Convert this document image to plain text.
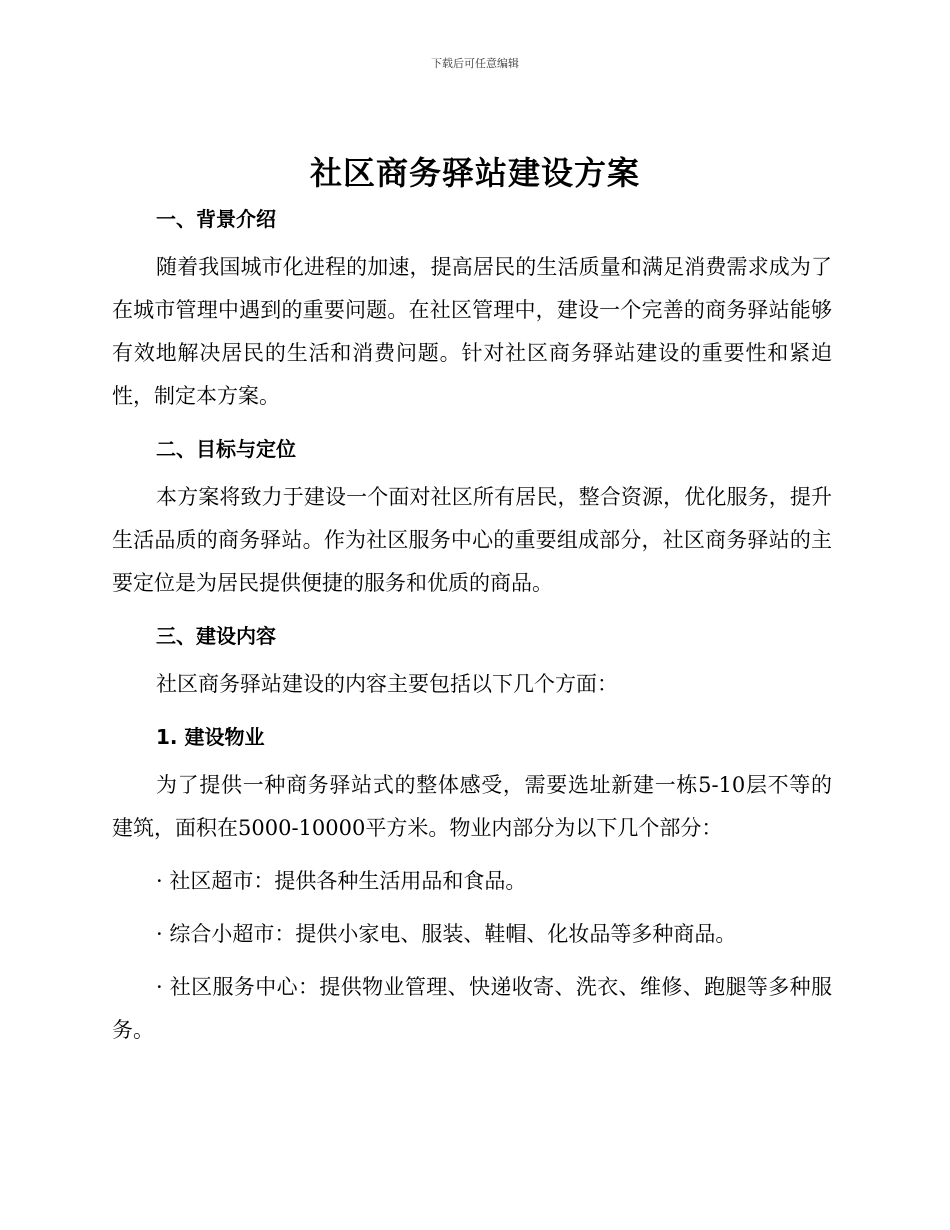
下载后可任意编辑
社区商务驿站建设方案
一、背景介绍

随着我国城市化进程的加速，提高居民的生活质量和满足消费需求成为了在城市管理中遇到的重要问题。在社区管理中，建设一个完善的商务驿站能够有效地解决居民的生活和消费问题。针对社区商务驿站建设的重要性和紧迫性，制定本方案。

二、目标与定位

本方案将致力于建设一个面对社区所有居民，整合资源，优化服务，提升生活品质的商务驿站。作为社区服务中心的重要组成部分，社区商务驿站的主要定位是为居民提供便捷的服务和优质的商品。

三、建设内容

社区商务驿站建设的内容主要包括以下几个方面：

1. 建设物业

为了提供一种商务驿站式的整体感受，需要选址新建一栋5-10层不等的建筑，面积在5000-10000平方米。物业内部分为以下几个部分：

· 社区超市：提供各种生活用品和食品。

· 综合小超市：提供小家电、服装、鞋帽、化妆品等多种商品。

· 社区服务中心：提供物业管理、快递收寄、洗衣、维修、跑腿等多种服务。
